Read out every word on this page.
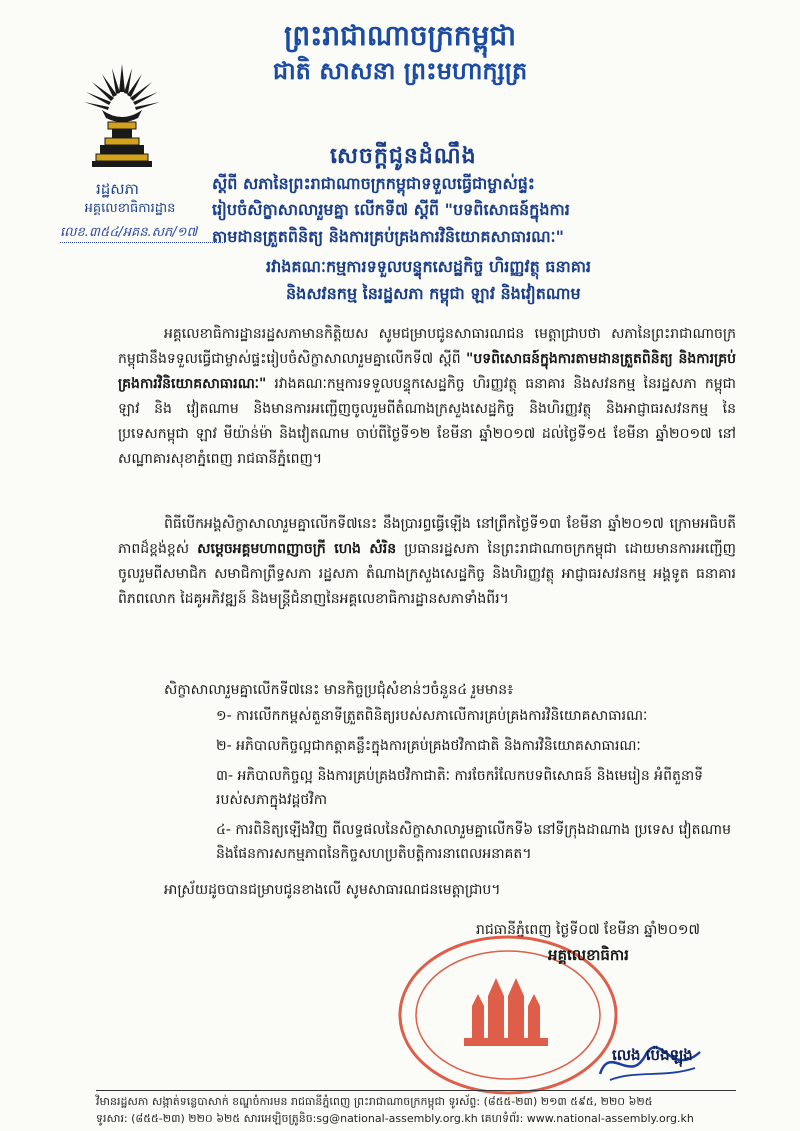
ព្រះរាជាណាចក្រកម្ពុជា
ជាតិ សាសនា ព្រះមហាក្សត្រ
រដ្ឋសភា
អគ្គលេខាធិការដ្ឋាន
លេខ.៣៥៤/អគន.សភ/១៧
សេចក្តីជូនដំណឹង
ស្តីពី សភានៃព្រះរាជាណាចក្រកម្ពុជាទទួលធ្វើជាម្ចាស់ផ្ទះ
រៀបចំសិក្ខាសាលារួមគ្នា លើកទី៧ ស្តីពី "បទពិសោធន៍ក្នុងការ
តាមដានត្រួតពិនិត្យ និងការគ្រប់គ្រងការវិនិយោគសាធារណៈ"
រវាងគណៈកម្មការទទួលបន្ទុកសេដ្ឋកិច្ច ហិរញ្ញវត្ថុ ធនាគារ
និងសវនកម្ម នៃរដ្ឋសភា កម្ពុជា ឡាវ និងវៀតណាម
អគ្គលេខាធិការដ្ឋានរដ្ឋសភាមានកិត្តិយស សូមជម្រាបជូនសាធារណជន មេត្តាជ្រាបថា សភានៃព្រះរាជាណាចក្រកម្ពុជានឹងទទួលធ្វើជាម្ចាស់ផ្ទះរៀបចំសិក្ខាសាលារួមគ្នាលើកទី៧ ស្តីពី "បទពិសោធន៍ក្នុងការតាមដានត្រួតពិនិត្យ និងការគ្រប់គ្រងការវិនិយោគសាធារណៈ" រវាងគណៈកម្មការទទួលបន្ទុកសេដ្ឋកិច្ច ហិរញ្ញវត្ថុ ធនាគារ និងសវនកម្ម នៃរដ្ឋសភា កម្ពុជា ឡាវ និង វៀតណាម និងមានការអញ្ជើញចូលរួមពីតំណាងក្រសួងសេដ្ឋកិច្ច និងហិរញ្ញវត្ថុ និងអាជ្ញាធរសវនកម្ម នៃប្រទេសកម្ពុជា ឡាវ មីយ៉ាន់ម៉ា និងវៀតណាម ចាប់ពីថ្ងៃទី១២ ខែមីនា ឆ្នាំ២០១៧ ដល់ថ្ងៃទី១៥ ខែមីនា ឆ្នាំ២០១៧ នៅសណ្ឋាគារសុខាភ្នំពេញ រាជធានីភ្នំពេញ។
ពិធីបើកអង្គសិក្ខាសាលារួមគ្នាលើកទី៧នេះ នឹងប្រារព្ធធ្វើឡើង នៅព្រឹកថ្ងៃទី១៣ ខែមីនា ឆ្នាំ២០១៧ ក្រោមអធិបតីភាពដ៏ខ្ពង់ខ្ពស់ សម្តេចអគ្គមហាពញាចក្រី ហេង សំរិន ប្រធានរដ្ឋសភា នៃព្រះរាជាណាចក្រកម្ពុជា ដោយមានការអញ្ជើញចូលរួមពីសមាជិក សមាជិកាព្រឹទ្ធសភា រដ្ឋសភា តំណាងក្រសួងសេដ្ឋកិច្ច និងហិរញ្ញវត្ថុ អាជ្ញាធរសវនកម្ម អង្គទូត ធនាគារពិភពលោក ដៃគូអភិវឌ្ឍន៍ និងមន្ត្រីជំនាញនៃអគ្គលេខាធិការដ្ឋានសភាទាំងពីរ។
សិក្ខាសាលារួមគ្នាលើកទី៧នេះ មានកិច្ចប្រជុំសំខាន់ៗចំនួន៤ រួមមាន៖
១- ការលើកកម្ពស់តួនាទីត្រួតពិនិត្យរបស់សភាលើការគ្រប់គ្រងការវិនិយោគសាធារណៈ
២- អភិបាលកិច្ចល្អជាកត្តាគន្លឹះក្នុងការគ្រប់គ្រងថវិកាជាតិ និងការវិនិយោគសាធារណៈ
៣- អភិបាលកិច្ចល្អ និងការគ្រប់គ្រងថវិកាជាតិៈ ការចែករំលែកបទពិសោធន៍ និងមេរៀន អំពីតួនាទីរបស់សភាក្នុងវដ្តថវិកា
៤- ការពិនិត្យឡើងវិញ ពីលទ្ធផលនៃសិក្ខាសាលារួមគ្នាលើកទី៦ នៅទីក្រុងដាណាង ប្រទេស វៀតណាម និងផែនការសកម្មភាពនៃកិច្ចសហប្រតិបត្តិការនាពេលអនាគត។
អាស្រ័យដូចបានជម្រាបជូនខាងលើ សូមសាធារណជនមេត្តាជ្រាប។
រាជធានីភ្នំពេញ ថ្ងៃទី០៧ ខែមីនា ឆ្នាំ២០១៧
អគ្គលេខាធិការ
លេង ប៉េងឡុង
វិមានរដ្ឋសភា សង្កាត់ទន្លេបាសាក់ ខណ្ឌចំការមន រាជធានីភ្នំពេញ ព្រះរាជាណាចក្រកម្ពុជា ទូរស័ព្ទ: (៨៥៥-២៣) ២១៣ ៥៩៥, ២២០ ៦២៥
ទូរសារ: (៨៥៥-២៣) ២២០ ៦២៥ សារអេឡិចត្រូនិច:sg@national-assembly.org.kh គេហទំព័រ: www.national-assembly.org.kh
